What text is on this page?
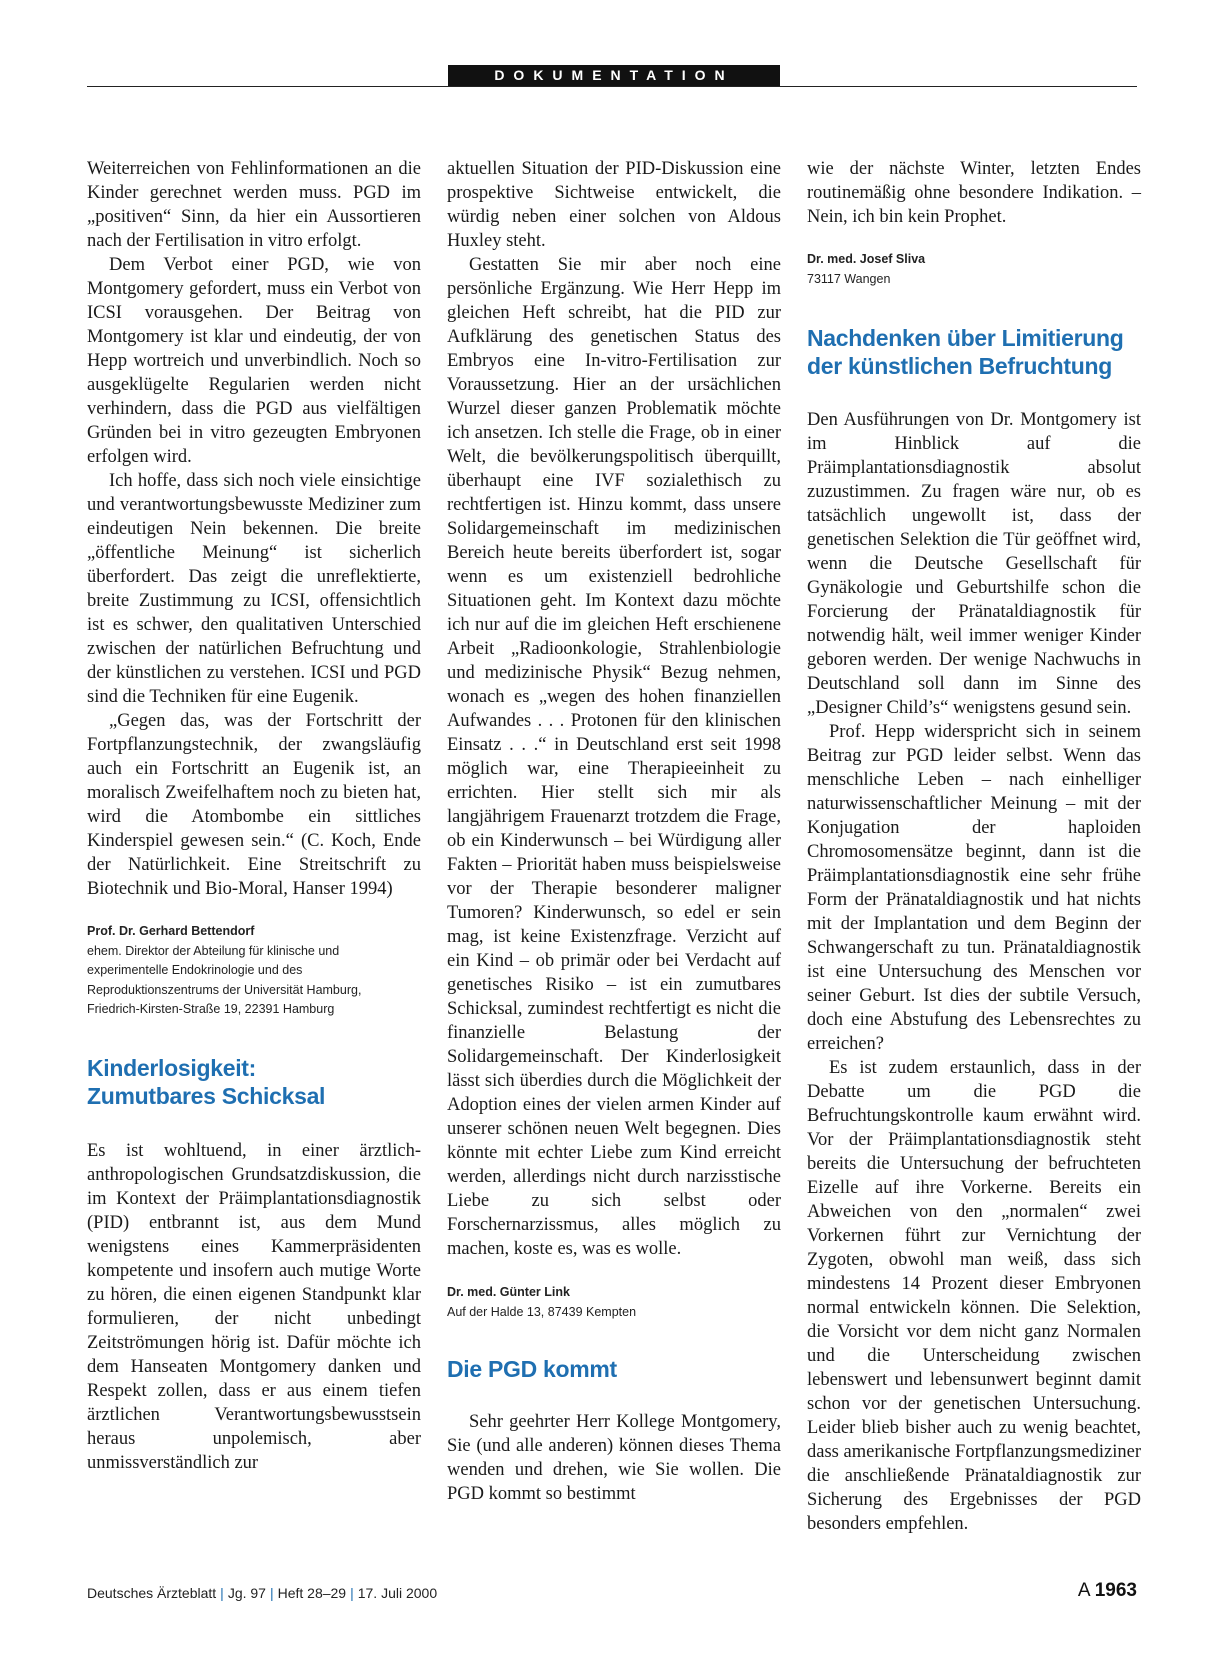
DOKUMENTATION

Weiterreichen von Fehlinformationen an die Kinder gerechnet werden muss. PGD im „positiven“ Sinn, da hier ein Aussortieren nach der Fertilisation in vitro erfolgt.

Dem Verbot einer PGD, wie von Montgomery gefordert, muss ein Verbot von ICSI vorausgehen. Der Beitrag von Montgomery ist klar und eindeutig, der von Hepp wortreich und unverbindlich. Noch so ausgeklügelte Regularien werden nicht verhindern, dass die PGD aus vielfältigen Gründen bei in vitro gezeugten Embryonen erfolgen wird.

Ich hoffe, dass sich noch viele einsichtige und verantwortungsbewusste Mediziner zum eindeutigen Nein bekennen. Die breite „öffentliche Meinung“ ist sicherlich überfordert. Das zeigt die unreflektierte, breite Zustimmung zu ICSI, offensichtlich ist es schwer, den qualitativen Unterschied zwischen der natürlichen Befruchtung und der künstlichen zu verstehen. ICSI und PGD sind die Techniken für eine Eugenik.

„Gegen das, was der Fortschritt der Fortpflanzungstechnik, der zwangsläufig auch ein Fortschritt an Eugenik ist, an moralisch Zweifelhaftem noch zu bieten hat, wird die Atombombe ein sittliches Kinderspiel gewesen sein.“ (C. Koch, Ende der Natürlichkeit. Eine Streitschrift zu Biotechnik und Bio-Moral, Hanser 1994)

Prof. Dr. Gerhard Bettendorf
ehem. Direktor der Abteilung für klinische und
experimentelle Endokrinologie und des
Reproduktionszentrums der Universität Hamburg,
Friedrich-Kirsten-Straße 19, 22391 Hamburg
Kinderlosigkeit:
Zumutbares Schicksal

Es ist wohltuend, in einer ärztlich-anthropologischen Grundsatzdiskussion, die im Kontext der Präimplantationsdiagnostik (PID) entbrannt ist, aus dem Mund wenigstens eines Kammerpräsidenten kompetente und insofern auch mutige Worte zu hören, die einen eigenen Standpunkt klar formulieren, der nicht unbedingt Zeitströmungen hörig ist. Dafür möchte ich dem Hanseaten Montgomery danken und Respekt zollen, dass er aus einem tiefen ärztlichen Verantwortungsbewusstsein heraus unpolemisch, aber unmissverständlich zur

aktuellen Situation der PID-Diskussion eine prospektive Sichtweise entwickelt, die würdig neben einer solchen von Aldous Huxley steht.

Gestatten Sie mir aber noch eine persönliche Ergänzung. Wie Herr Hepp im gleichen Heft schreibt, hat die PID zur Aufklärung des genetischen Status des Embryos eine In-vitro-Fertilisation zur Voraussetzung. Hier an der ursächlichen Wurzel dieser ganzen Problematik möchte ich ansetzen. Ich stelle die Frage, ob in einer Welt, die bevölkerungspolitisch überquillt, überhaupt eine IVF sozialethisch zu rechtfertigen ist. Hinzu kommt, dass unsere Solidargemeinschaft im medizinischen Bereich heute bereits überfordert ist, sogar wenn es um existenziell bedrohliche Situationen geht. Im Kontext dazu möchte ich nur auf die im gleichen Heft erschienene Arbeit „Radioonkologie, Strahlenbiologie und medizinische Physik“ Bezug nehmen, wonach es „wegen des hohen finanziellen Aufwandes . . . Protonen für den klinischen Einsatz . . .“ in Deutschland erst seit 1998 möglich war, eine Therapieeinheit zu errichten. Hier stellt sich mir als langjährigem Frauenarzt trotzdem die Frage, ob ein Kinderwunsch – bei Würdigung aller Fakten – Priorität haben muss beispielsweise vor der Therapie besonderer maligner Tumoren? Kinderwunsch, so edel er sein mag, ist keine Existenzfrage. Verzicht auf ein Kind – ob primär oder bei Verdacht auf genetisches Risiko – ist ein zumutbares Schicksal, zumindest rechtfertigt es nicht die finanzielle Belastung der Solidargemeinschaft. Der Kinderlosigkeit lässt sich überdies durch die Möglichkeit der Adoption eines der vielen armen Kinder auf unserer schönen neuen Welt begegnen. Dies könnte mit echter Liebe zum Kind erreicht werden, allerdings nicht durch narzisstische Liebe zu sich selbst oder Forschernarzissmus, alles möglich zu machen, koste es, was es wolle.

Dr. med. Günter Link
Auf der Halde 13, 87439 Kempten
Die PGD kommt

Sehr geehrter Herr Kollege Montgomery, Sie (und alle anderen) können dieses Thema wenden und drehen, wie Sie wollen. Die PGD kommt so bestimmt

wie der nächste Winter, letzten Endes routinemäßig ohne besondere Indikation. – Nein, ich bin kein Prophet.

Dr. med. Josef Sliva
73117 Wangen
Nachdenken über Limitierung
der künstlichen Befruchtung

Den Ausführungen von Dr. Montgomery ist im Hinblick auf die Präimplantationsdiagnostik absolut zuzustimmen. Zu fragen wäre nur, ob es tatsächlich ungewollt ist, dass der genetischen Selektion die Tür geöffnet wird, wenn die Deutsche Gesellschaft für Gynäkologie und Geburtshilfe schon die Forcierung der Pränataldiagnostik für notwendig hält, weil immer weniger Kinder geboren werden. Der wenige Nachwuchs in Deutschland soll dann im Sinne des „Designer Child’s“ wenigstens gesund sein.

Prof. Hepp widerspricht sich in seinem Beitrag zur PGD leider selbst. Wenn das menschliche Leben – nach einhelliger naturwissenschaftlicher Meinung – mit der Konjugation der haploiden Chromosomensätze beginnt, dann ist die Präimplantationsdiagnostik eine sehr frühe Form der Pränataldiagnostik und hat nichts mit der Implantation und dem Beginn der Schwangerschaft zu tun. Pränataldiagnostik ist eine Untersuchung des Menschen vor seiner Geburt. Ist dies der subtile Versuch, doch eine Abstufung des Lebensrechtes zu erreichen?

Es ist zudem erstaunlich, dass in der Debatte um die PGD die Befruchtungskontrolle kaum erwähnt wird. Vor der Präimplantationsdiagnostik steht bereits die Untersuchung der befruchteten Eizelle auf ihre Vorkerne. Bereits ein Abweichen von den „normalen“ zwei Vorkernen führt zur Vernichtung der Zygoten, obwohl man weiß, dass sich mindestens 14 Prozent dieser Embryonen normal entwickeln können. Die Selektion, die Vorsicht vor dem nicht ganz Normalen und die Unterscheidung zwischen lebenswert und lebensunwert beginnt damit schon vor der genetischen Untersuchung. Leider blieb bisher auch zu wenig beachtet, dass amerikanische Fortpflanzungsmediziner die anschließende Pränataldiagnostik zur Sicherung des Ergebnisses der PGD besonders empfehlen.

Deutsches Ärzteblatt | Jg. 97 | Heft 28–29 | 17. Juli 2000	A 1963
